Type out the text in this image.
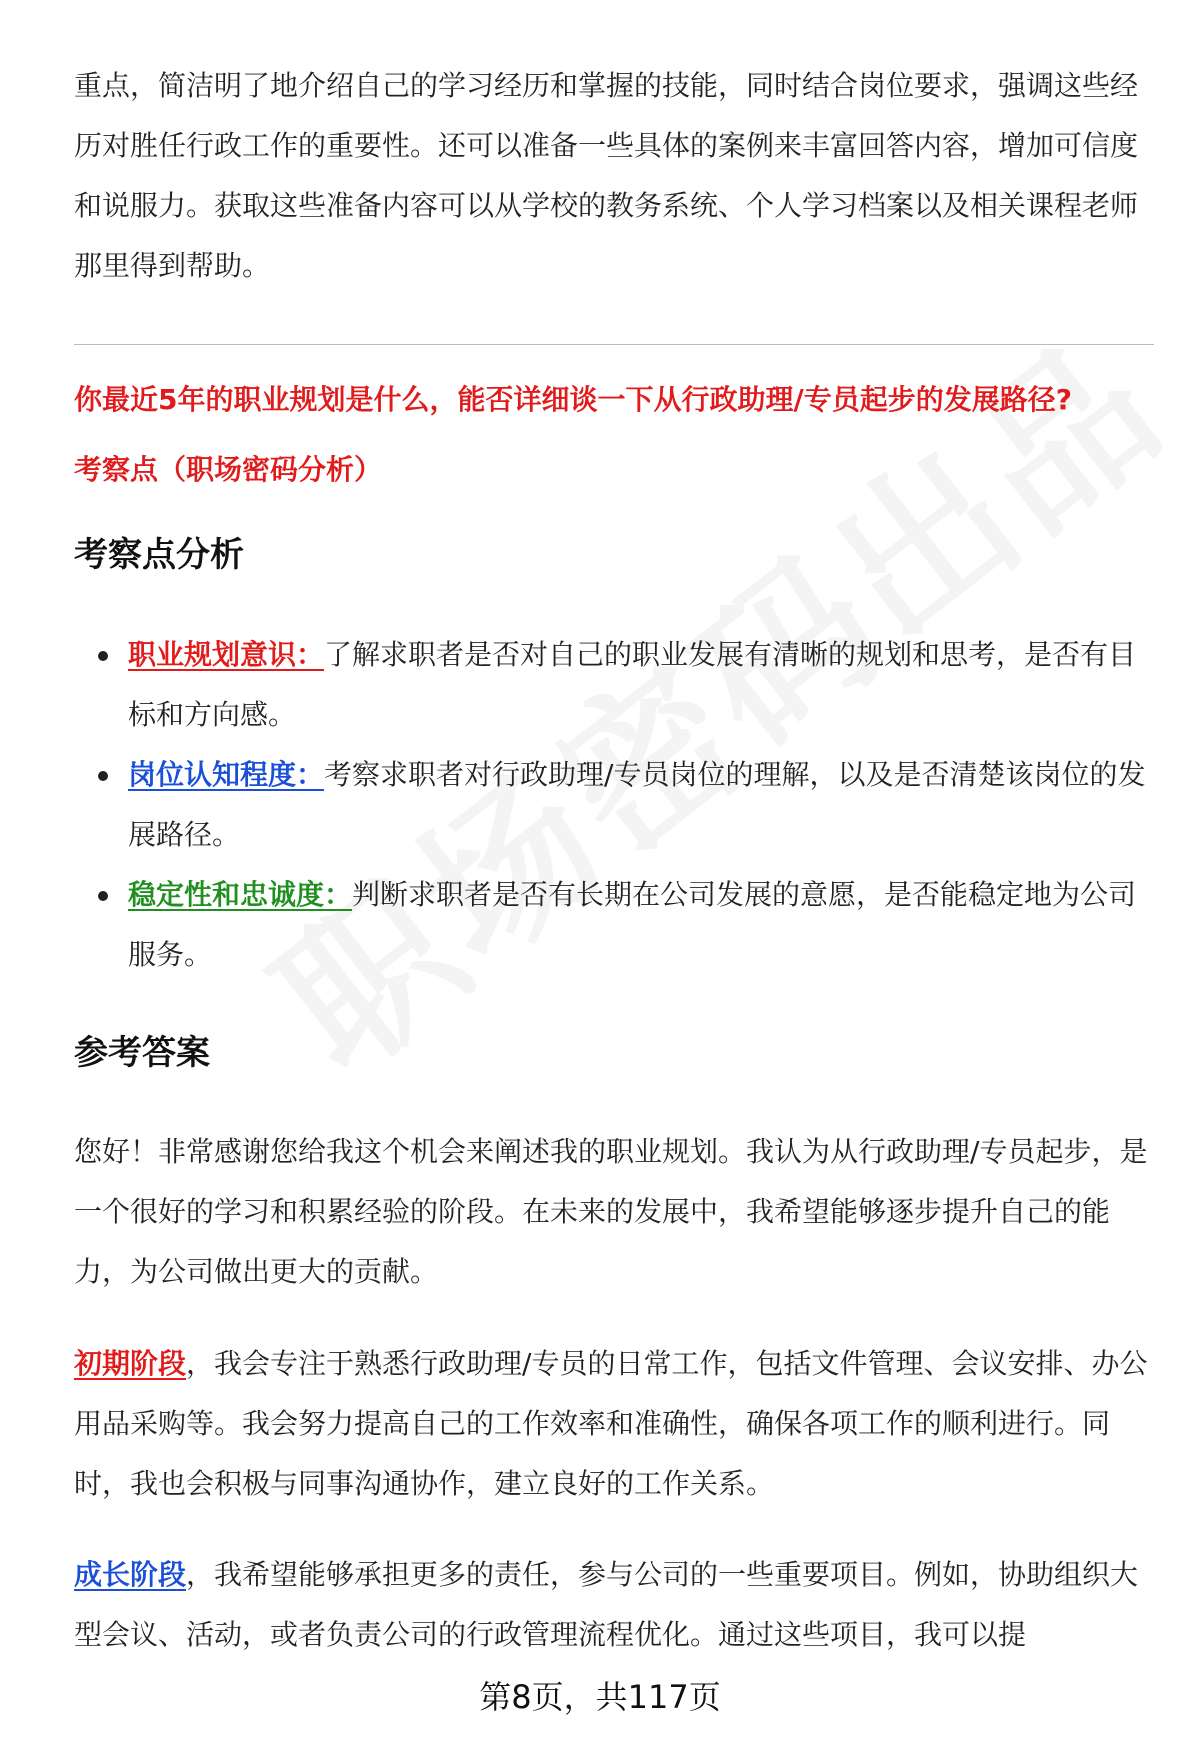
重点，简洁明了地介绍自己的学习经历和掌握的技能，同时结合岗位要求，强调这些经历对胜任行政工作的重要性。还可以准备一些具体的案例来丰富回答内容，增加可信度和说服力。获取这些准备内容可以从学校的教务系统、个人学习档案以及相关课程老师那里得到帮助。

你最近5年的职业规划是什么，能否详细谈一下从行政助理/专员起步的发展路径?

考察点（职场密码分析）

考察点分析
职业规划意识：了解求职者是否对自己的职业发展有清晰的规划和思考，是否有目标和方向感。
岗位认知程度：考察求职者对行政助理/专员岗位的理解，以及是否清楚该岗位的发展路径。
稳定性和忠诚度：判断求职者是否有长期在公司发展的意愿，是否能稳定地为公司服务。
参考答案

您好！非常感谢您给我这个机会来阐述我的职业规划。我认为从行政助理/专员起步，是一个很好的学习和积累经验的阶段。在未来的发展中，我希望能够逐步提升自己的能力，为公司做出更大的贡献。

初期阶段，我会专注于熟悉行政助理/专员的日常工作，包括文件管理、会议安排、办公用品采购等。我会努力提高自己的工作效率和准确性，确保各项工作的顺利进行。同时，我也会积极与同事沟通协作，建立良好的工作关系。

成长阶段，我希望能够承担更多的责任，参与公司的一些重要项目。例如，协助组织大型会议、活动，或者负责公司的行政管理流程优化。通过这些项目，我可以提

第8页，共117页
